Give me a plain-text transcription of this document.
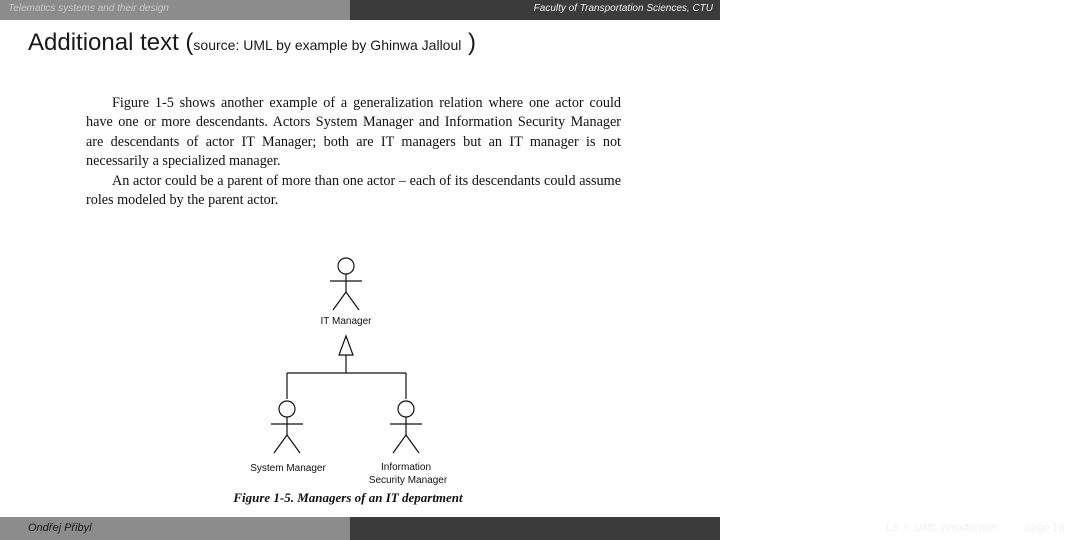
Telematics systems and their design	Faculty of Transportation Sciences, CTU
Additional text (source: UML by example by Ghinwa Jalloul )

Figure 1-5 shows another example of a generalization relation where one actor could have one or more descendants. Actors System Manager and Information Security Manager are descendants of actor IT Manager; both are IT managers but an IT manager is not necessarily a specialized manager.

An actor could be a parent of more than one actor – each of its descendants could assume roles modeled by the parent actor.

IT Manager
System Manager	Information
Security Manager
Figure 1-5. Managers of an IT department
Ondřej Přibyl	L6-7: UML introduction	page 10
